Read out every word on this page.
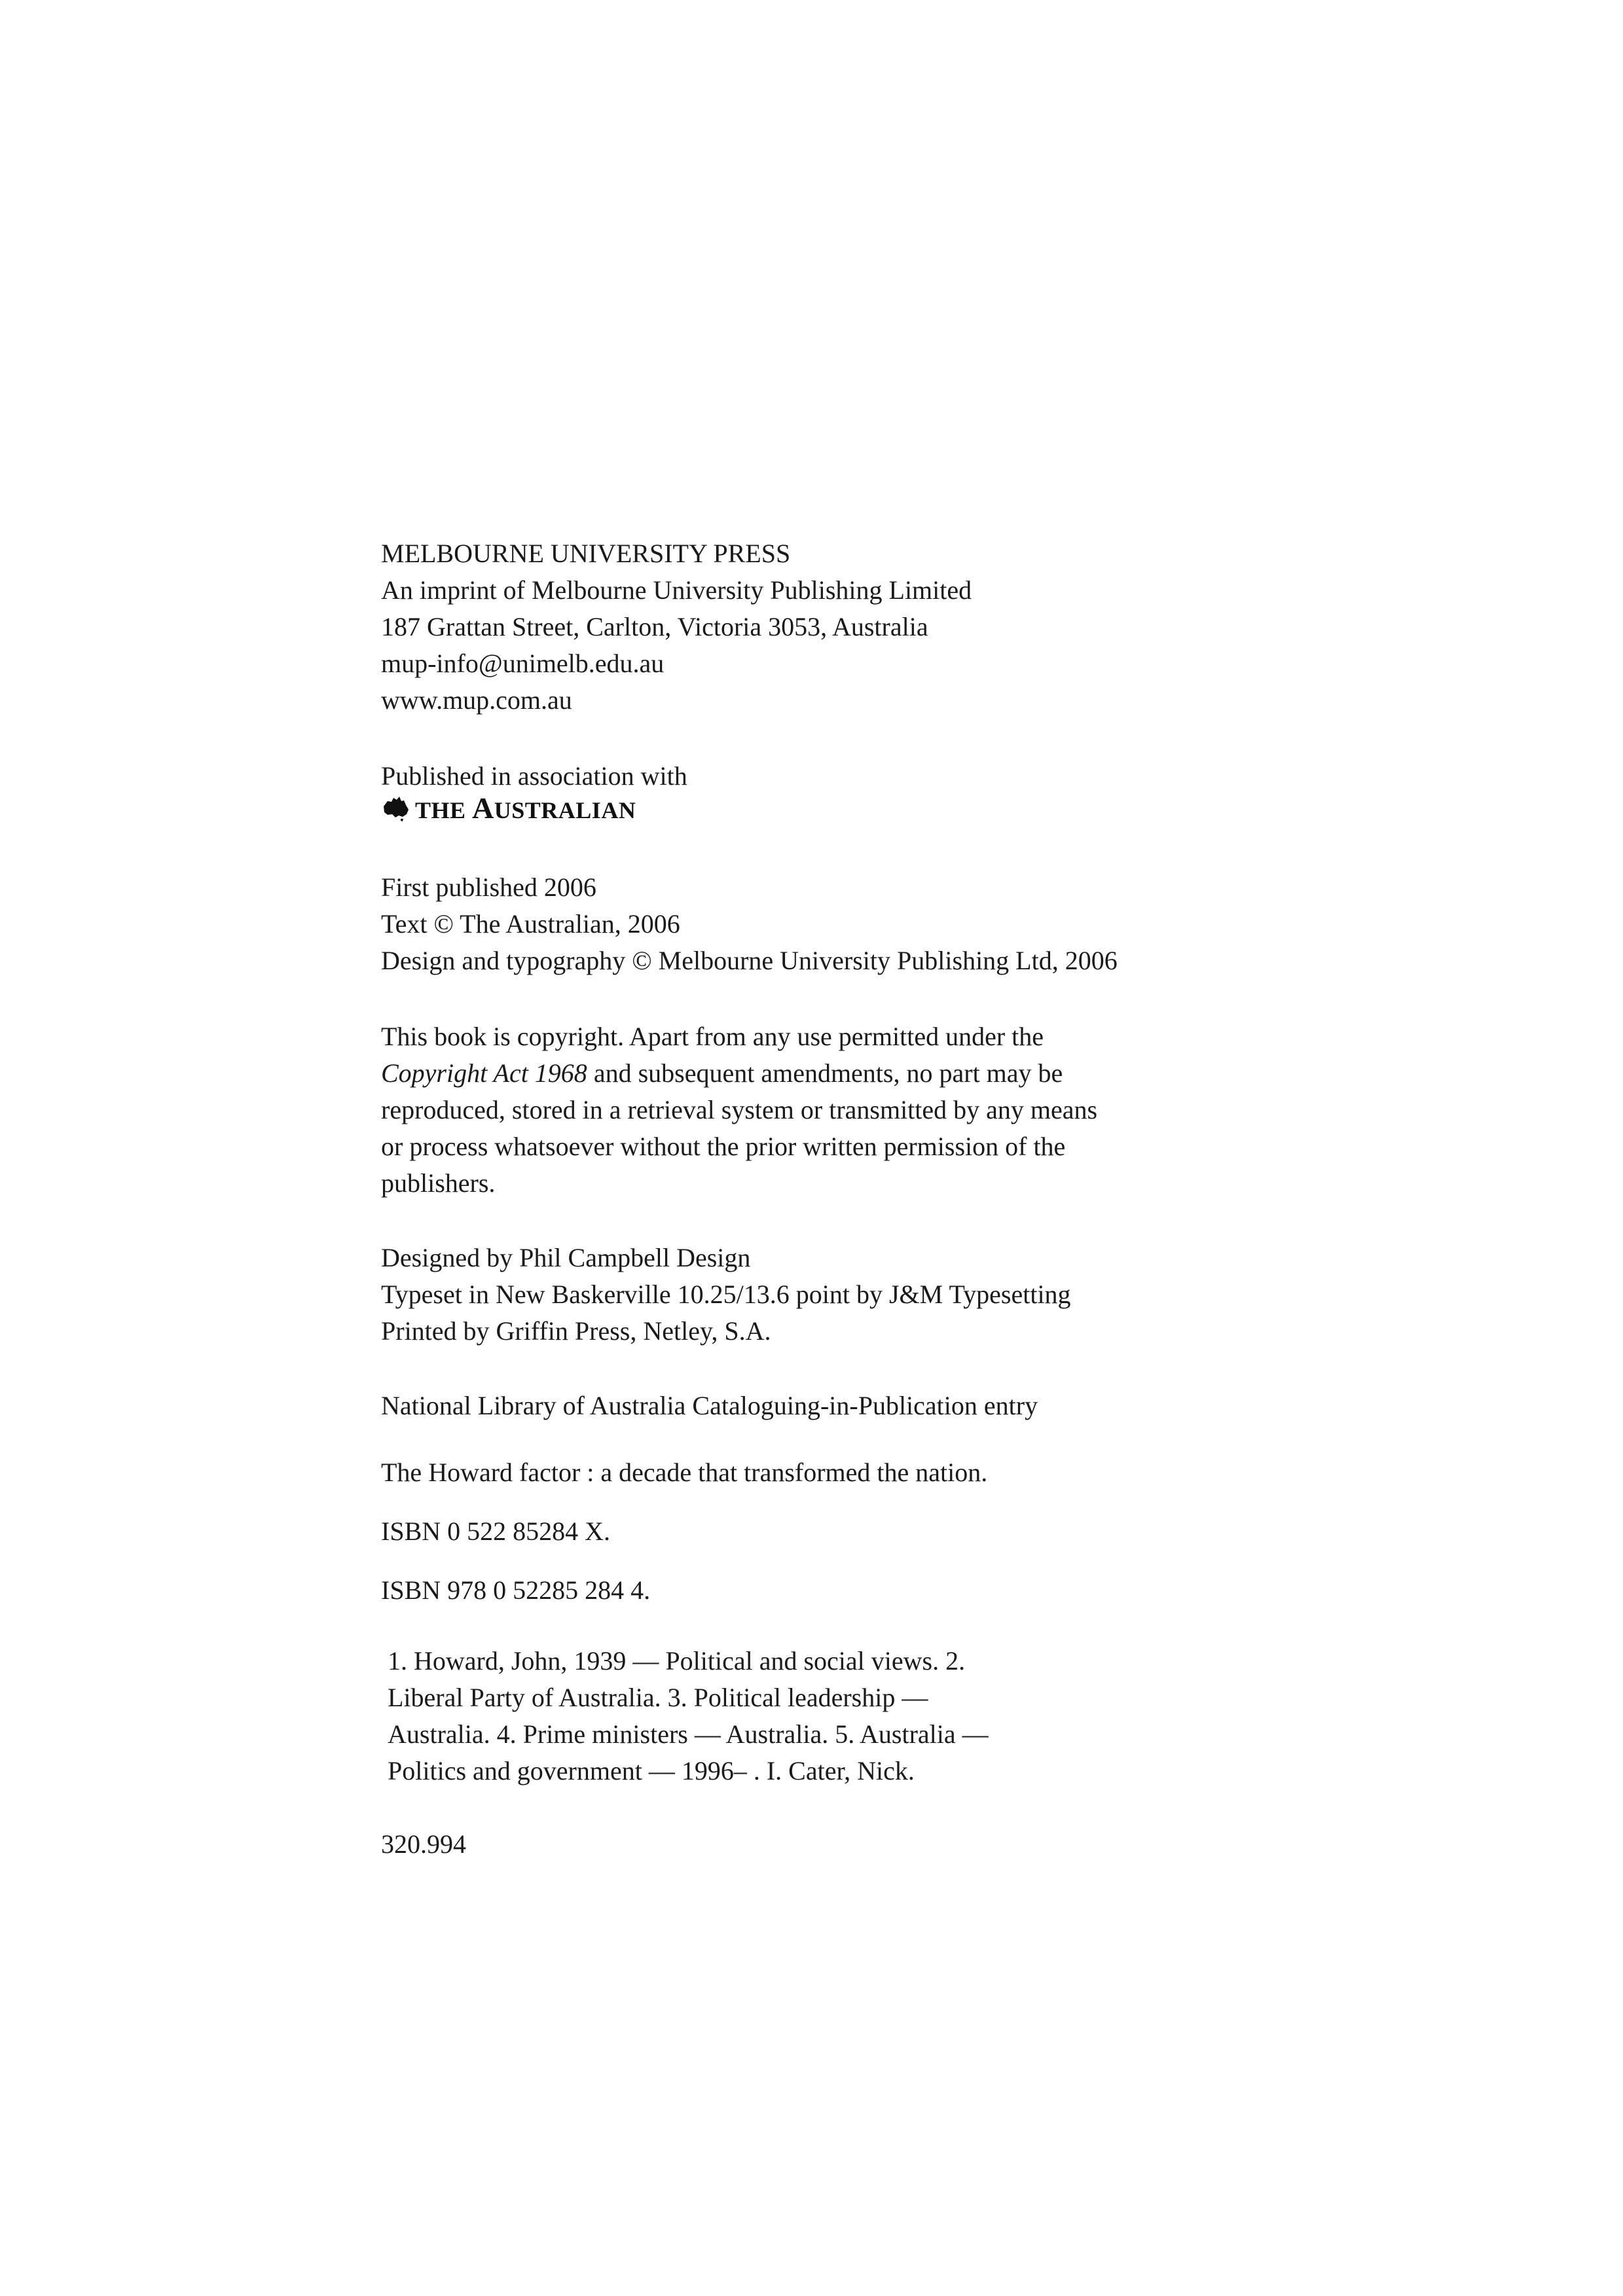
MELBOURNE UNIVERSITY PRESS
An imprint of Melbourne University Publishing Limited
187 Grattan Street, Carlton, Victoria 3053, Australia
mup-info@unimelb.edu.au
www.mup.com.au
Published in association with
THE AUSTRALIAN
First published 2006
Text © The Australian, 2006
Design and typography © Melbourne University Publishing Ltd, 2006
This book is copyright. Apart from any use permitted under the
Copyright Act 1968 and subsequent amendments, no part may be
reproduced, stored in a retrieval system or transmitted by any means
or process whatsoever without the prior written permission of the
publishers.
Designed by Phil Campbell Design
Typeset in New Baskerville 10.25/13.6 point by J&M Typesetting
Printed by Griffin Press, Netley, S.A.
National Library of Australia Cataloguing-in-Publication entry
The Howard factor : a decade that transformed the nation.
ISBN 0 522 85284 X.
ISBN 978 0 52285 284 4.
1. Howard, John, 1939 — Political and social views. 2.
Liberal Party of Australia. 3. Political leadership —
Australia. 4. Prime ministers — Australia. 5. Australia —
Politics and government — 1996– . I. Cater, Nick.
320.994
